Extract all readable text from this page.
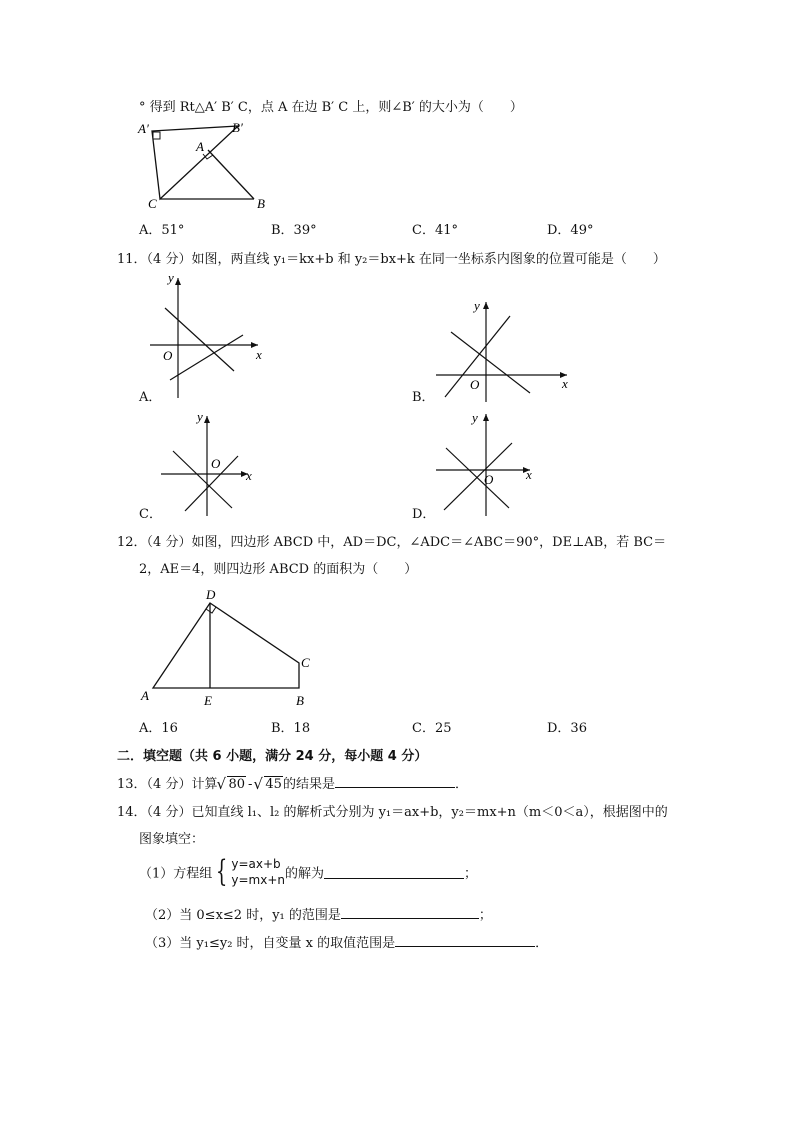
° 得到 Rt△A′ B′ C，点 A 在边 B′ C 上，则∠B′ 的大小为（　　）
A′	B′
A
C	B
A．51°	B．39°	C．41°	D．49°
11．（4 分）如图，两直线 y₁＝kx+b 和 y₂＝bx+k 在同一坐标系内图象的位置可能是（　　）
y
x
O
A．
y
x
O
B．
y
x
O
C．
y
x
O
D．
12．（4 分）如图，四边形 ABCD 中，AD＝DC，∠ADC＝∠ABC＝90°，DE⊥AB，若 BC＝
2，AE＝4，则四边形 ABCD 的面积为（　　）
D
C
A	E	B
A．16	B．18	C．25	D．36
二．填空题（共 6 小题，满分 24 分，每小题 4 分）
13．（4 分）计算 √ 80 - √ 45的结果是	．
14．（4 分）已知直线 l₁、l₂ 的解析式分别为 y₁＝ax+b，y₂＝mx+n（m＜0＜a），根据图中的
图象填空：
（1）方程组 { y=ax+b
y=mx+n 的解为	；
（2）当 0≤x≤2 时，y₁ 的范围是	；
（3）当 y₁≤y₂ 时，自变量 x 的取值范围是	．
